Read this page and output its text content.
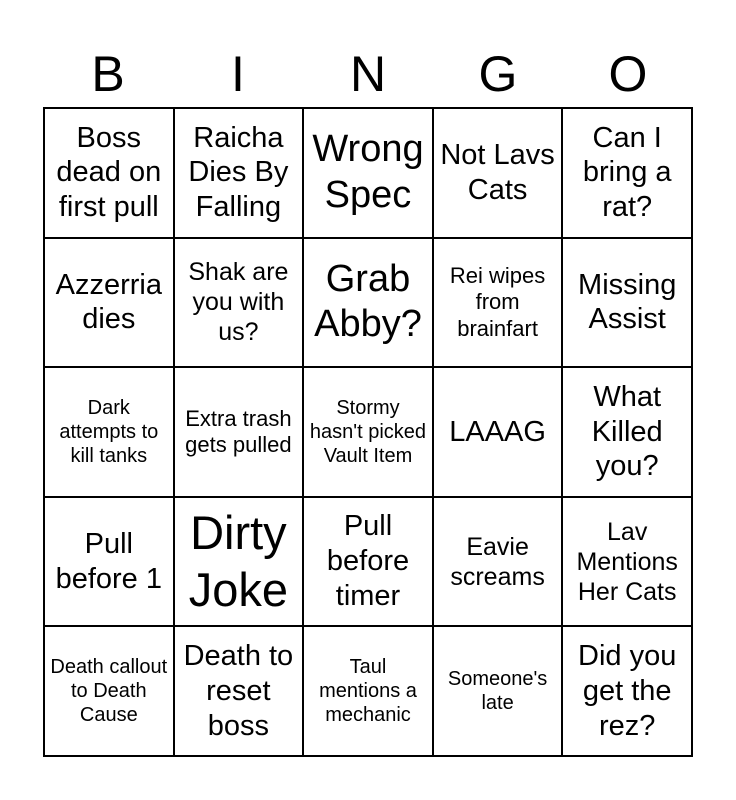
B	I	N	G	O
Boss dead on first pull
Raicha Dies By Falling
Wrong Spec
Not Lavs Cats
Can I bring a rat?
Azzerria dies
Shak are you with us?
Grab Abby?
Rei wipes from brainfart
Missing Assist
Dark attempts to kill tanks
Extra trash gets pulled
Stormy hasn't picked Vault Item
LAAAG
What Killed you?
Pull before 1
Dirty Joke
Pull before timer
Eavie screams
Lav Mentions Her Cats
Death callout to Death Cause
Death to reset boss
Taul mentions a mechanic
Someone's late
Did you get the rez?
